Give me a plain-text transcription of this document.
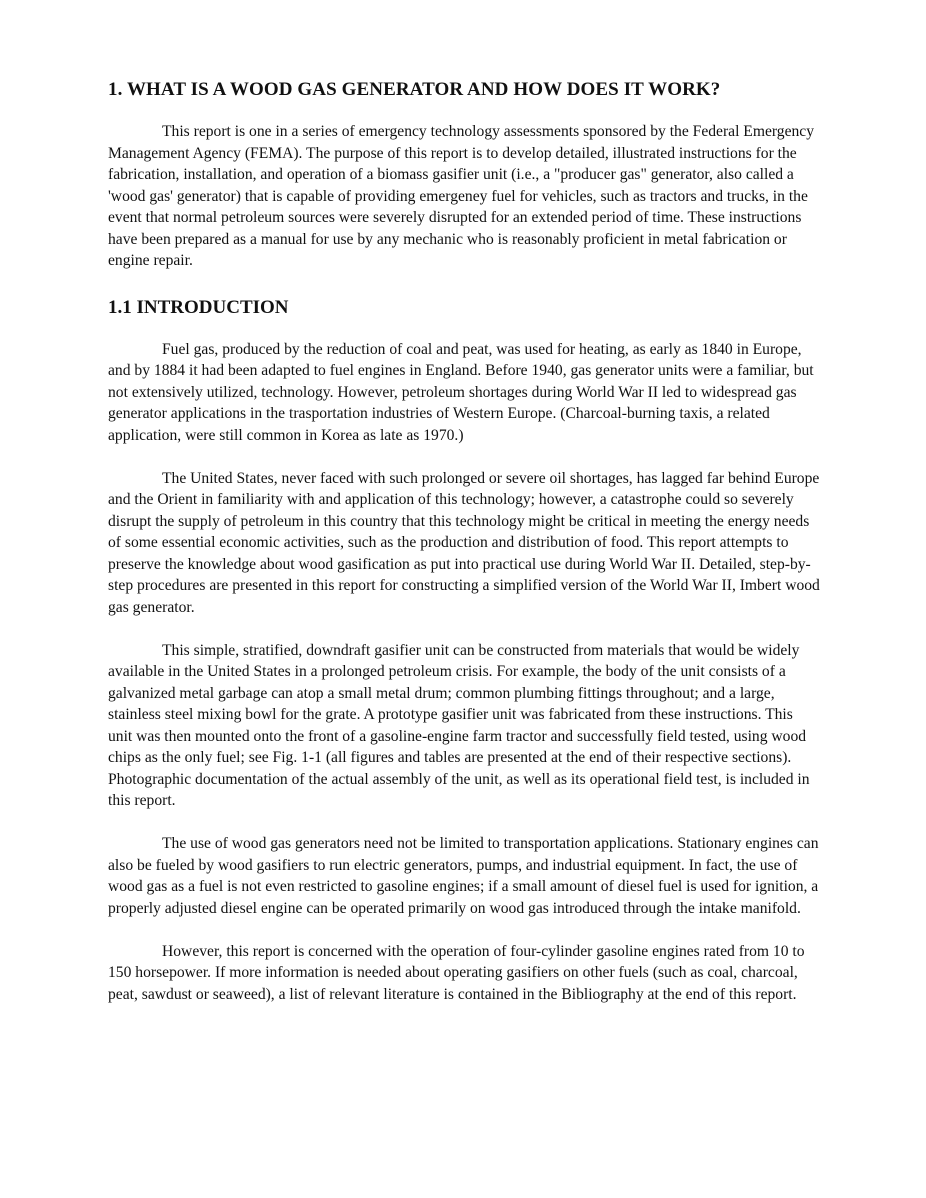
1. WHAT IS A WOOD GAS GENERATOR AND HOW DOES IT WORK?

This report is one in a series of emergency technology assessments sponsored by the Federal Emergency Management Agency (FEMA). The purpose of this report is to develop detailed, illustrated instructions for the fabrication, installation, and operation of a biomass gasifier unit (i.e., a "producer gas" generator, also called a 'wood gas' generator) that is capable of providing emergeney fuel for vehicles, such as tractors and trucks, in the event that normal petroleum sources were severely disrupted for an extended period of time. These instructions have been prepared as a manual for use by any mechanic who is reasonably proficient in metal fabrication or engine repair.

1.1 INTRODUCTION

Fuel gas, produced by the reduction of coal and peat, was used for heating, as early as 1840 in Europe, and by 1884 it had been adapted to fuel engines in England. Before 1940, gas generator units were a familiar, but not extensively utilized, technology. However, petroleum shortages during World War II led to widespread gas generator applications in the trasportation industries of Western Europe. (Charcoal-burning taxis, a related application, were still common in Korea as late as 1970.)

The United States, never faced with such prolonged or severe oil shortages, has lagged far behind Europe and the Orient in familiarity with and application of this technology; however, a catastrophe could so severely disrupt the supply of petroleum in this country that this technology might be critical in meeting the energy needs of some essential economic activities, such as the production and distribution of food. This report attempts to preserve the knowledge about wood gasification as put into practical use during World War II. Detailed, step-by-step procedures are presented in this report for constructing a simplified version of the World War II, Imbert wood gas generator.

This simple, stratified, downdraft gasifier unit can be constructed from materials that would be widely available in the United States in a prolonged petroleum crisis. For example, the body of the unit consists of a galvanized metal garbage can atop a small metal drum; common plumbing fittings throughout; and a large, stainless steel mixing bowl for the grate. A prototype gasifier unit was fabricated from these instructions. This unit was then mounted onto the front of a gasoline-engine farm tractor and successfully field tested, using wood chips as the only fuel; see Fig. 1-1 (all figures and tables are presented at the end of their respective sections). Photographic documentation of the actual assembly of the unit, as well as its operational field test, is included in this report.

The use of wood gas generators need not be limited to transportation applications. Stationary engines can also be fueled by wood gasifiers to run electric generators, pumps, and industrial equipment. In fact, the use of wood gas as a fuel is not even restricted to gasoline engines; if a small amount of diesel fuel is used for ignition, a properly adjusted diesel engine can be operated primarily on wood gas introduced through the intake manifold.

However, this report is concerned with the operation of four-cylinder gasoline engines rated from 10 to 150 horsepower. If more information is needed about operating gasifiers on other fuels (such as coal, charcoal, peat, sawdust or seaweed), a list of relevant literature is contained in the Bibliography at the end of this report.
